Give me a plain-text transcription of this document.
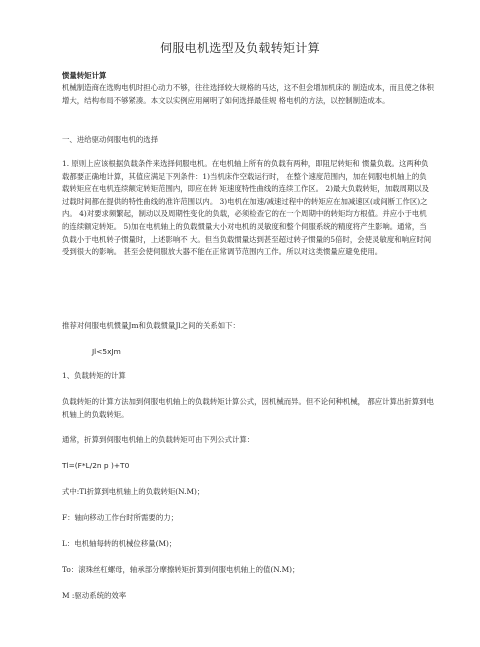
伺服电机选型及负载转矩计算
惯量转矩计算

机械制造商在选购电机时担心动力不够，往往选择较大规格的马达，这不但会增加机床的 制造成本，而且使之体积增大，结构布局不够紧凑。本文以实例应用阐明了如何选择最佳规 格电机的方法，以控制制造成本。

一、进给驱动伺服电机的选择

1. 原则上应该根据负载条件来选择伺服电机。在电机轴上所有的负载有两种，即阻尼转矩和 惯量负载。这两种负载都要正确地计算，其值应满足下列条件：1)当机床作空载运行时， 在整个速度范围内，加在伺服电机轴上的负载转矩应在电机连续额定转矩范围内，即应在转 矩速度特性曲线的连续工作区。 2)最大负载转矩，加载周期以及过载时间都在提供的特性曲线的准许范围以内。 3)电机在加速/减速过程中的转矩应在加减速区(或间断工作区)之内。 4)对要求频繁起，制动以及周期性变化的负载，必须检查它的在一个周期中的转矩均方根值。并应小于电机的连续额定转矩。 5)加在电机轴上的负载惯量大小对电机的灵敏度和整个伺服系统的精度将产生影响。通常，当负载小于电机转子惯量时，上述影响不 大。但当负载惯量达到甚至超过转子惯量的5倍时，会使灵敏度和响应时间受到很大的影响。 甚至会使伺服放大器不能在正常调节范围内工作。所以对这类惯量应避免使用。

推荐对伺服电机惯量Jm和负载惯量Jl之间的关系如下：

Jl<5xJm

1、负载转矩的计算

负载转矩的计算方法加到伺服电机轴上的负载转矩计算公式，因机械而异。但不论何种机械， 都应计算出折算到电机轴上的负载转矩。

通常，折算到伺服电机轴上的负载转矩可由下列公式计算：

Tl=(F*L/2n p )+T0

式中:Tl折算到电机轴上的负载转矩(N.M)；

F：轴向移动工作台时所需要的力；

L：电机轴每转的机械位移量(M)；

To：滚珠丝杠螺母，轴承部分摩擦转矩折算到伺服电机轴上的值(N.M)；

M :驱动系统的效率
